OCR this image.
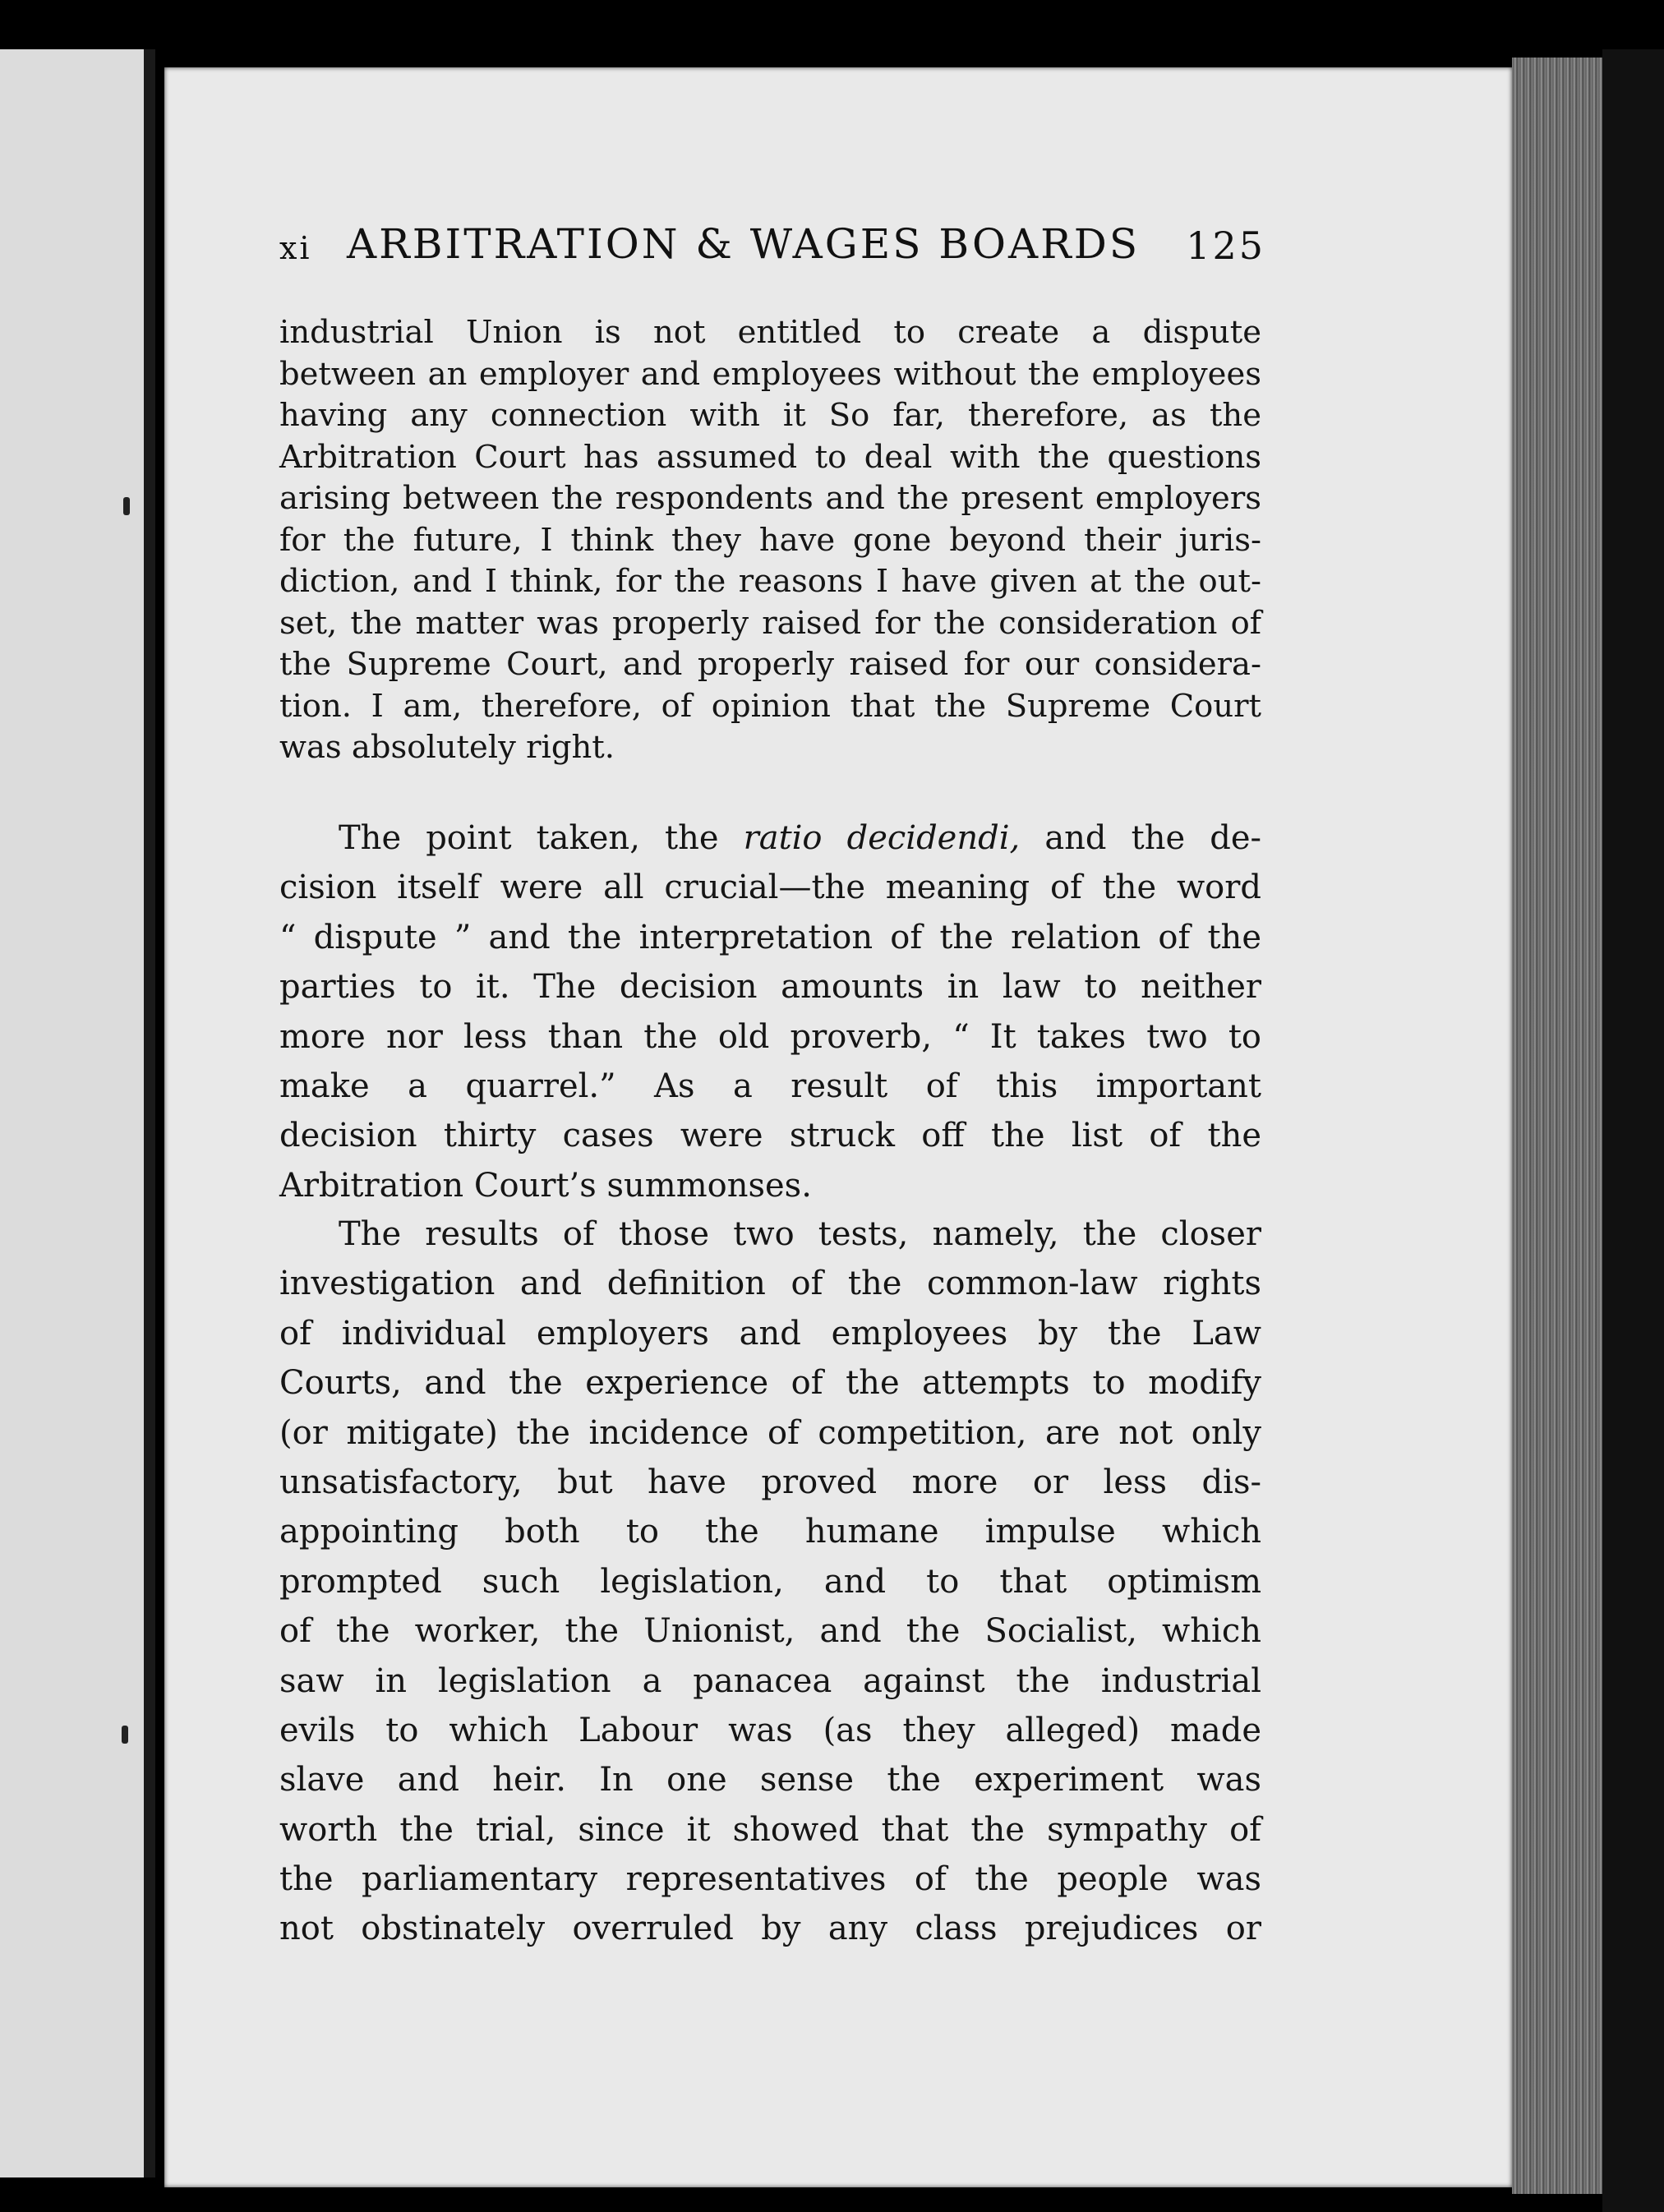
xi ARBITRATION & WAGES BOARDS 125
industrial Union is not entitled to create a dispute
between an employer and employees without the employees
having any connection with it So far, therefore, as the
Arbitration Court has assumed to deal with the questions
arising between the respondents and the present employers
for the future, I think they have gone beyond their juris-
diction, and I think, for the reasons I have given at the out-
set, the matter was properly raised for the consideration of
the Supreme Court, and properly raised for our considera-
tion. I am, therefore, of opinion that the Supreme Court
was absolutely right.
The point taken, the ratio decidendi, and the de-
cision itself were all crucial—the meaning of the word
“ dispute ” and the interpretation of the relation of the
parties to it. The decision amounts in law to neither
more nor less than the old proverb, “ It takes two to
make a quarrel.” As a result of this important
decision thirty cases were struck off the list of the
Arbitration Court’s summonses.
The results of those two tests, namely, the closer
investigation and definition of the common-law rights
of individual employers and employees by the Law
Courts, and the experience of the attempts to modify
(or mitigate) the incidence of competition, are not only
unsatisfactory, but have proved more or less dis-
appointing both to the humane impulse which
prompted such legislation, and to that optimism
of the worker, the Unionist, and the Socialist, which
saw in legislation a panacea against the industrial
evils to which Labour was (as they alleged) made
slave and heir. In one sense the experiment was
worth the trial, since it showed that the sympathy of
the parliamentary representatives of the people was
not obstinately overruled by any class prejudices or
